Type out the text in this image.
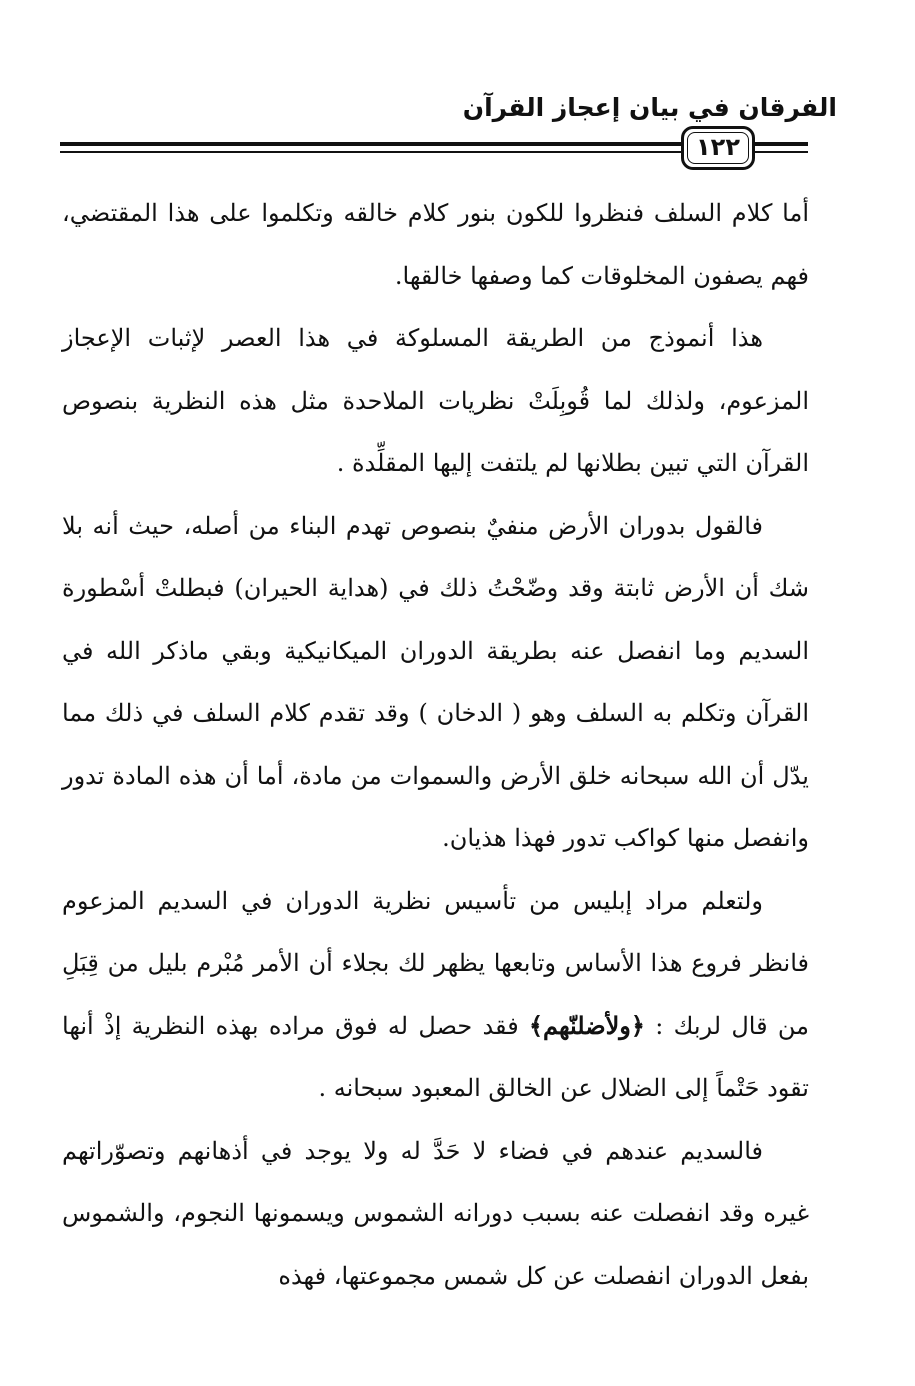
الفرقان في بيان إعجاز القرآن
١٢٢

أما كلام السلف فنظروا للكون بنور كلام خالقه وتكلموا على هذا المقتضي، فهم يصفون المخلوقات كما وصفها خالقها.

هذا أنموذج من الطريقة المسلوكة في هذا العصر لإثبات الإعجاز المزعوم، ولذلك لما قُوبِلَتْ نظريات الملاحدة مثل هذه النظرية بنصوص القرآن التي تبين بطلانها لم يلتفت إليها المقلِّدة .

فالقول بدوران الأرض منفيٌ بنصوص تهدم البناء من أصله، حيث أنه بلا شك أن الأرض ثابتة وقد وضّحْتُ ذلك في (هداية الحيران) فبطلتْ أسْطورة السديم وما انفصل عنه بطريقة الدوران الميكانيكية وبقي ماذكر الله في القرآن وتكلم به السلف وهو ( الدخان ) وقد تقدم كلام السلف في ذلك مما يدّل أن الله سبحانه خلق الأرض والسموات من مادة، أما أن هذه المادة تدور وانفصل منها كواكب تدور فهذا هذيان.

ولتعلم مراد إبليس من تأسيس نظرية الدوران في السديم المزعوم فانظر فروع هذا الأساس وتابعها يظهر لك بجلاء أن الأمر مُبْرم بليل من قِبَلِ من قال لربك : ﴿ولأضلنّهم﴾ فقد حصل له فوق مراده بهذه النظرية إذْ أنها تقود حَتْماً إلى الضلال عن الخالق المعبود سبحانه .

فالسديم عندهم في فضاء لا حَدَّ له ولا يوجد في أذهانهم وتصوّراتهم غيره وقد انفصلت عنه بسبب دورانه الشموس ويسمونها النجوم، والشموس بفعل الدوران انفصلت عن كل شمس مجموعتها، فهذه
